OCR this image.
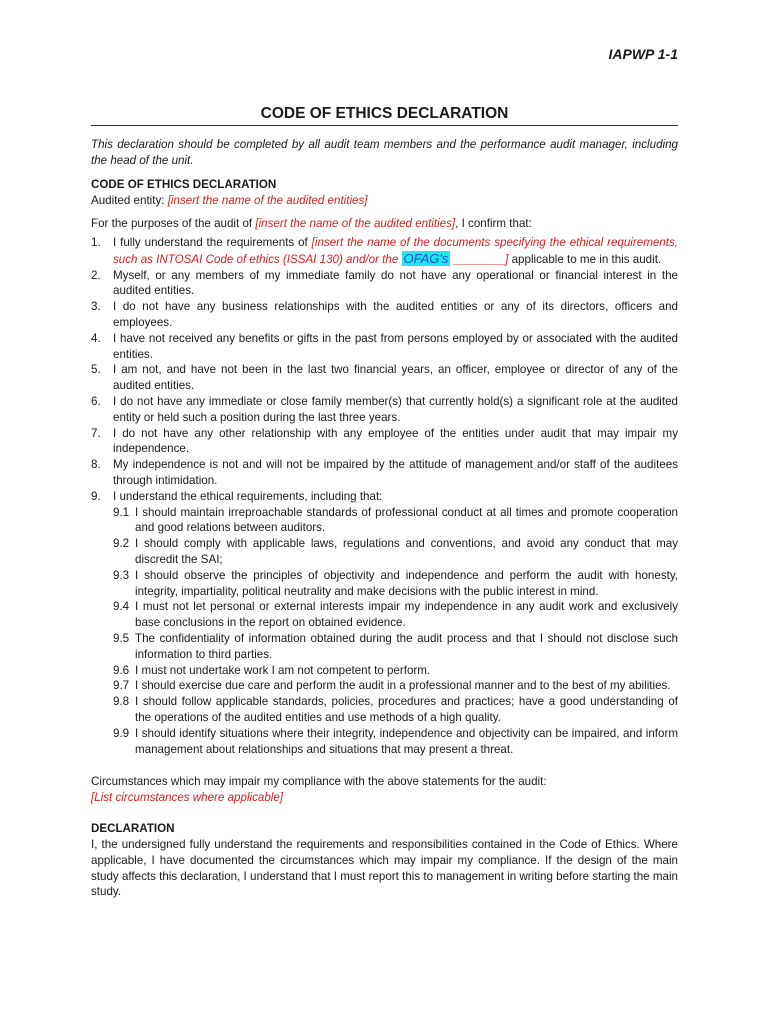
IAPWP 1-1
CODE OF ETHICS DECLARATION
This declaration should be completed by all audit team members and the performance audit manager, including the head of the unit.
CODE OF ETHICS DECLARATION
Audited entity: [insert the name of the audited entities]
For the purposes of the audit of [insert the name of the audited entities], I confirm that:
1. I fully understand the requirements of [insert the name of the documents specifying the ethical requirements, such as INTOSAI Code of ethics (ISSAI 130) and/or the OFAG's ________] applicable to me in this audit.
2. Myself, or any members of my immediate family do not have any operational or financial interest in the audited entities.
3. I do not have any business relationships with the audited entities or any of its directors, officers and employees.
4. I have not received any benefits or gifts in the past from persons employed by or associated with the audited entities.
5. I am not, and have not been in the last two financial years, an officer, employee or director of any of the audited entities.
6. I do not have any immediate or close family member(s) that currently hold(s) a significant role at the audited entity or held such a position during the last three years.
7. I do not have any other relationship with any employee of the entities under audit that may impair my independence.
8. My independence is not and will not be impaired by the attitude of management and/or staff of the auditees through intimidation.
9. I understand the ethical requirements, including that:
9.1 I should maintain irreproachable standards of professional conduct at all times and promote cooperation and good relations between auditors.
9.2 I should comply with applicable laws, regulations and conventions, and avoid any conduct that may discredit the SAI;
9.3 I should observe the principles of objectivity and independence and perform the audit with honesty, integrity, impartiality, political neutrality and make decisions with the public interest in mind.
9.4 I must not let personal or external interests impair my independence in any audit work and exclusively base conclusions in the report on obtained evidence.
9.5 The confidentiality of information obtained during the audit process and that I should not disclose such information to third parties.
9.6 I must not undertake work I am not competent to perform.
9.7 I should exercise due care and perform the audit in a professional manner and to the best of my abilities.
9.8 I should follow applicable standards, policies, procedures and practices; have a good understanding of the operations of the audited entities and use methods of a high quality.
9.9 I should identify situations where their integrity, independence and objectivity can be impaired, and inform management about relationships and situations that may present a threat.
Circumstances which may impair my compliance with the above statements for the audit:
[List circumstances where applicable]
DECLARATION
I, the undersigned fully understand the requirements and responsibilities contained in the Code of Ethics. Where applicable, I have documented the circumstances which may impair my compliance. If the design of the main study affects this declaration, I understand that I must report this to management in writing before starting the main study.
